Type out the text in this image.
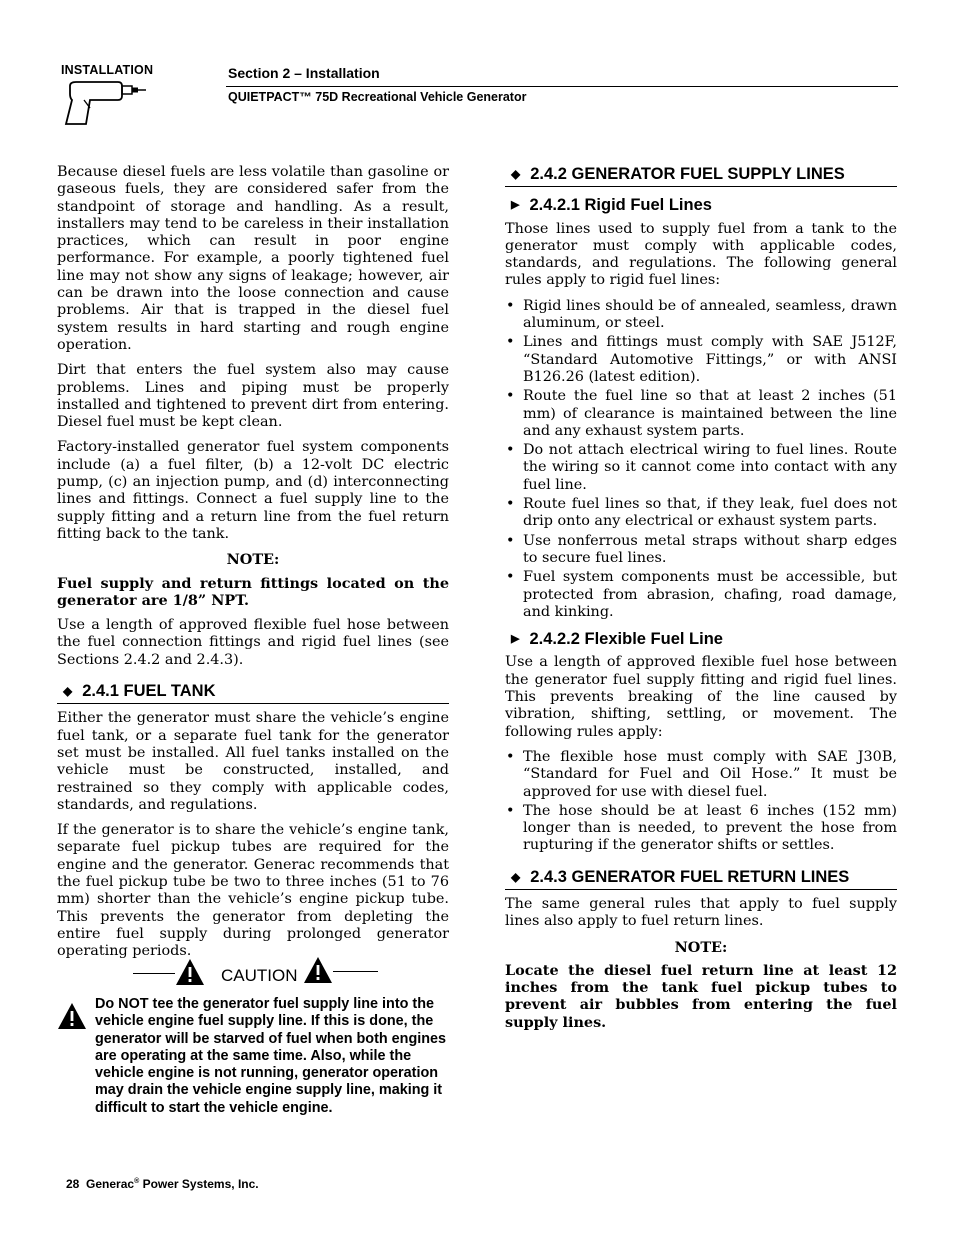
INSTALLATION	Section 2 – Installation
QUIETPACT™ 75D Recreational Vehicle Generator

Because diesel fuels are less volatile than gasoline or gaseous fuels, they are considered safer from the standpoint of storage and handling. As a result, installers may tend to be careless in their installation practices, which can result in poor engine performance. For example, a poorly tightened fuel line may not show any signs of leakage; however, air can be drawn into the loose connection and cause problems. Air that is trapped in the diesel fuel system results in hard starting and rough engine operation.

Dirt that enters the fuel system also may cause problems. Lines and piping must be properly installed and tightened to prevent dirt from entering. Diesel fuel must be kept clean.

Factory-installed generator fuel system components include (a) a fuel filter, (b) a 12-volt DC electric pump, (c) an injection pump, and (d) interconnecting lines and fittings. Connect a fuel supply line to the supply fitting and a return line from the fuel return fitting back to the tank.

NOTE:

Fuel supply and return fittings located on the generator are 1/8” NPT.

Use a length of approved flexible fuel hose between the fuel connection fittings and rigid fuel lines (see Sections 2.4.2 and 2.4.3).

◆ 2.4.1 FUEL TANK

Either the generator must share the vehicle’s engine fuel tank, or a separate fuel tank for the generator set must be installed. All fuel tanks installed on the vehicle must be constructed, installed, and restrained so they comply with applicable codes, standards, and regulations.

If the generator is to share the vehicle’s engine tank, separate fuel pickup tubes are required for the engine and the generator. Generac recommends that the fuel pickup tube be two to three inches (51 to 76 mm) shorter than the vehicle’s engine pickup tube. This prevents the generator from depleting the entire fuel supply during prolonged generator operating periods.

CAUTION
Do NOT tee the generator fuel supply line into the vehicle engine fuel supply line. If this is done, the generator will be starved of fuel when both engines are operating at the same time. Also, while the vehicle engine is not running, generator operation may drain the vehicle engine supply line, making it difficult to start the vehicle engine.
◆ 2.4.2 GENERATOR FUEL SUPPLY LINES
▶ 2.4.2.1 Rigid Fuel Lines

Those lines used to supply fuel from a tank to the generator must comply with applicable codes, standards, and regulations. The following general rules apply to rigid fuel lines:

• Rigid lines should be of annealed, seamless, drawn aluminum, or steel.
• Lines and fittings must comply with SAE J512F, “Standard Automotive Fittings,” or with ANSI B126.26 (latest edition).
• Route the fuel line so that at least 2 inches (51 mm) of clearance is maintained between the line and any exhaust system parts.
• Do not attach electrical wiring to fuel lines. Route the wiring so it cannot come into contact with any fuel line.
• Route fuel lines so that, if they leak, fuel does not drip onto any electrical or exhaust system parts.
• Use nonferrous metal straps without sharp edges to secure fuel lines.
• Fuel system components must be accessible, but protected from abrasion, chafing, road damage, and kinking.
▶ 2.4.2.2 Flexible Fuel Line

Use a length of approved flexible fuel hose between the generator fuel supply fitting and rigid fuel lines. This prevents breaking of the line caused by vibration, shifting, settling, or movement. The following rules apply:

• The flexible hose must comply with SAE J30B, “Standard for Fuel and Oil Hose.” It must be approved for use with diesel fuel.
• The hose should be at least 6 inches (152 mm) longer than is needed, to prevent the hose from rupturing if the generator shifts or settles.
◆ 2.4.3 GENERATOR FUEL RETURN LINES

The same general rules that apply to fuel supply lines also apply to fuel return lines.

NOTE:

Locate the diesel fuel return line at least 12 inches from the tank fuel pickup tubes to prevent air bubbles from entering the fuel supply lines.

28 Generac® Power Systems, Inc.
